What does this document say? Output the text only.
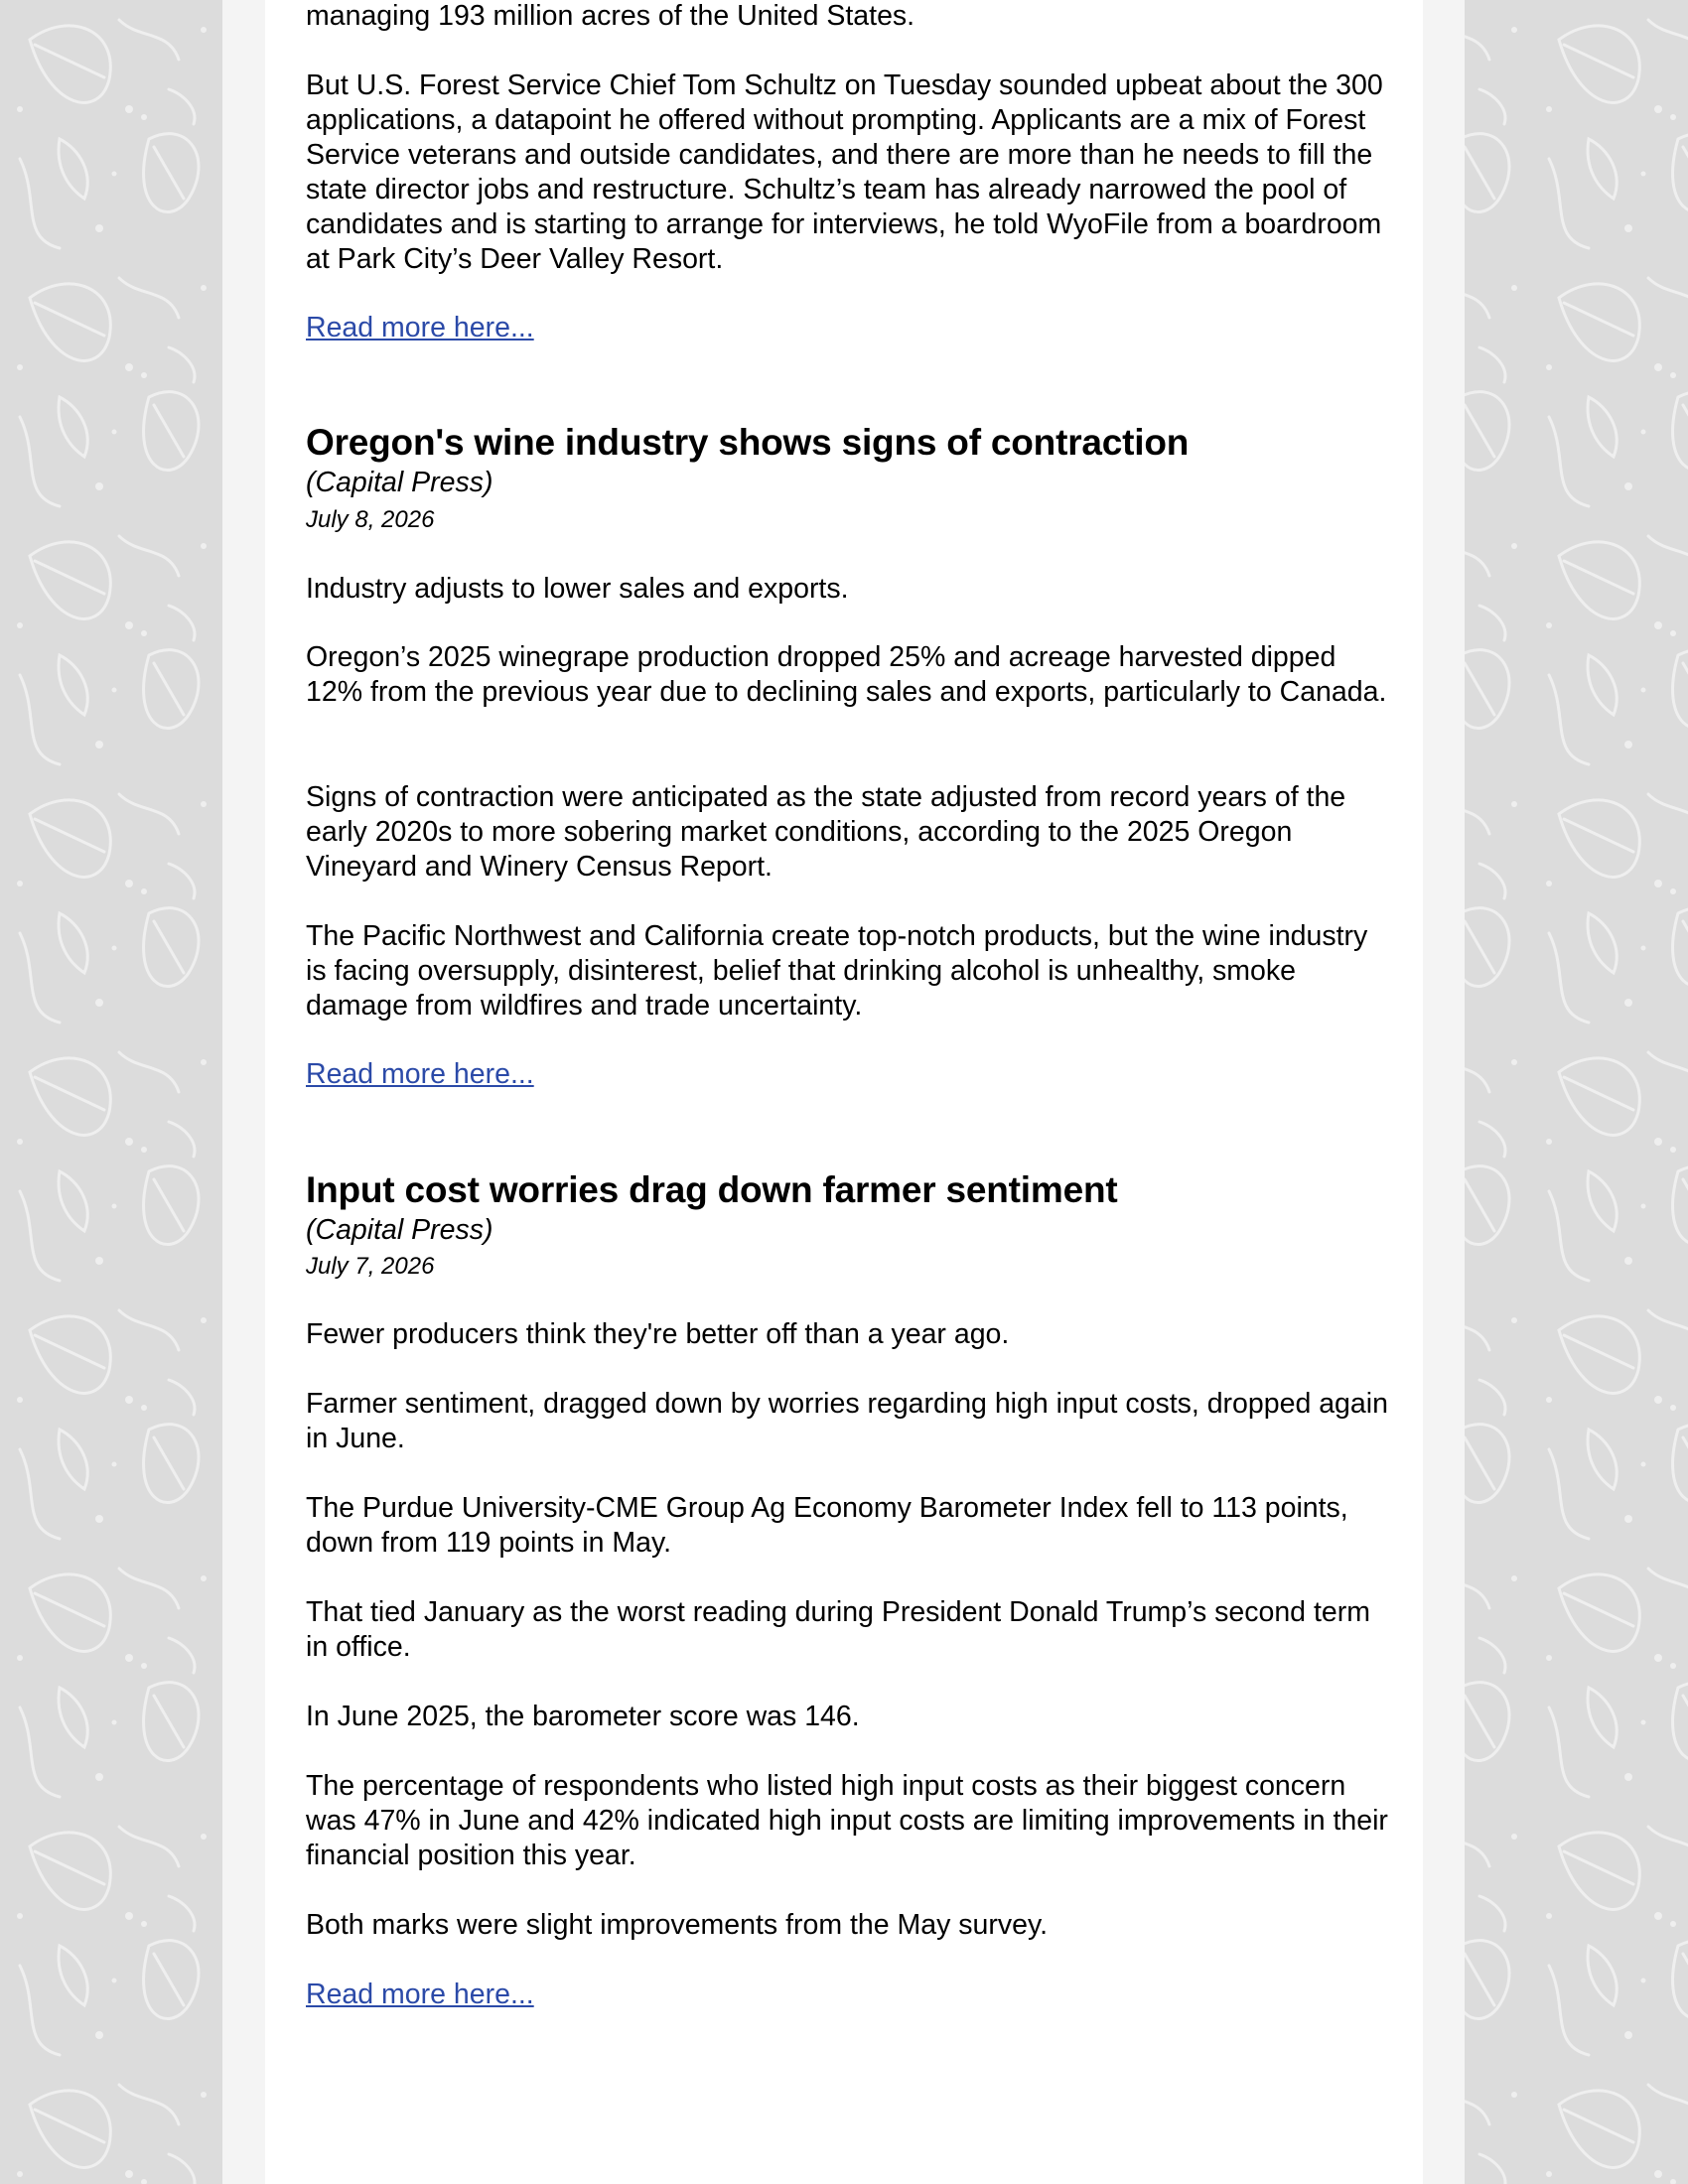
managing 193 million acres of the United States.

But U.S. Forest Service Chief Tom Schultz on Tuesday sounded upbeat about the 300 applications, a datapoint he offered without prompting. Applicants are a mix of Forest Service veterans and outside candidates, and there are more than he needs to fill the state director jobs and restructure. Schultz’s team has already narrowed the pool of candidates and is starting to arrange for interviews, he told WyoFile from a boardroom at Park City’s Deer Valley Resort.

Read more here...
Oregon's wine industry shows signs of contraction
(Capital Press)
July 8, 2026

Industry adjusts to lower sales and exports.

Oregon’s 2025 winegrape production dropped 25% and acreage harvested dipped 12% from the previous year due to declining sales and exports, particularly to Canada.

Signs of contraction were anticipated as the state adjusted from record years of the early 2020s to more sobering market conditions, according to the 2025 Oregon Vineyard and Winery Census Report.

The Pacific Northwest and California create top-notch products, but the wine industry is facing oversupply, disinterest, belief that drinking alcohol is unhealthy, smoke damage from wildfires and trade uncertainty.

Read more here...
Input cost worries drag down farmer sentiment
(Capital Press)
July 7, 2026

Fewer producers think they're better off than a year ago.

Farmer sentiment, dragged down by worries regarding high input costs, dropped again in June.

The Purdue University-CME Group Ag Economy Barometer Index fell to 113 points, down from 119 points in May.

That tied January as the worst reading during President Donald Trump’s second term in office.

In June 2025, the barometer score was 146.

The percentage of respondents who listed high input costs as their biggest concern was 47% in June and 42% indicated high input costs are limiting improvements in their financial position this year.

Both marks were slight improvements from the May survey.

Read more here...
